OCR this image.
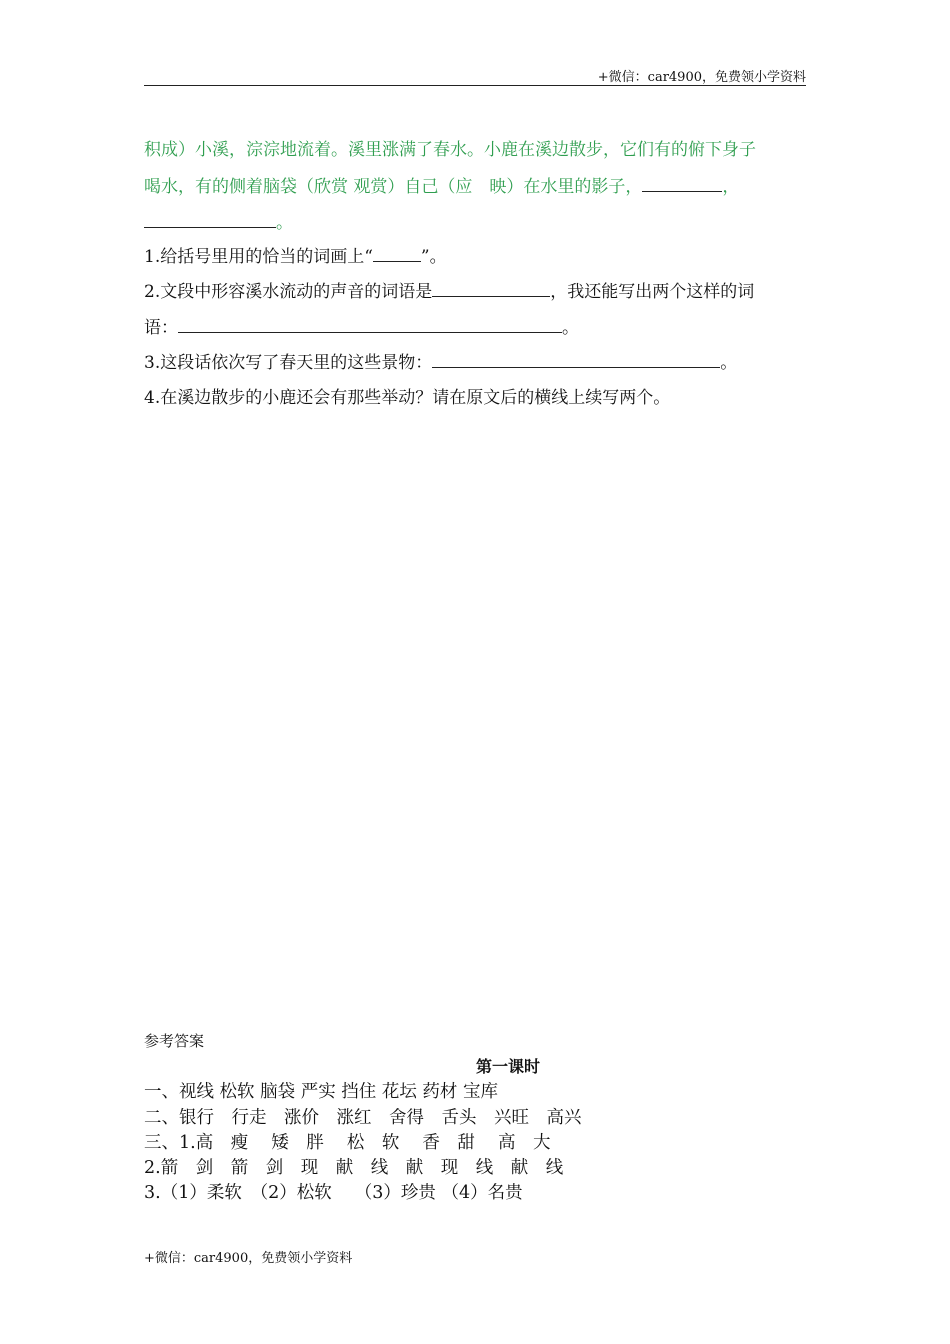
+微信：car4900，免费领小学资料
积成）小溪，淙淙地流着。溪里涨满了春水。小鹿在溪边散步，它们有的俯下身子
喝水，有的侧着脑袋（欣赏 观赏）自己（应　映）在水里的影子，	，
。
1.给括号里用的恰当的词画上“	”。
2.文段中形容溪水流动的声音的词语是	，我还能写出两个这样的词
语：	。
3.这段话依次写了春天里的这些景物：	。
4.在溪边散步的小鹿还会有那些举动？请在原文后的横线上续写两个。
参考答案
第一课时
一、视线 松软 脑袋 严实 挡住 花坛 药材 宝库
二、银行　行走　涨价　涨红　舍得　舌头　兴旺　高兴
三、1.高　瘦　 矮　胖　 松　软　 香　甜　 高　大
2.箭　剑　箭　剑　现　献　线　献　现　线　献　线
3.（1）柔软　（2）松软　 （3）珍贵 （4）名贵
+微信：car4900，免费领小学资料
